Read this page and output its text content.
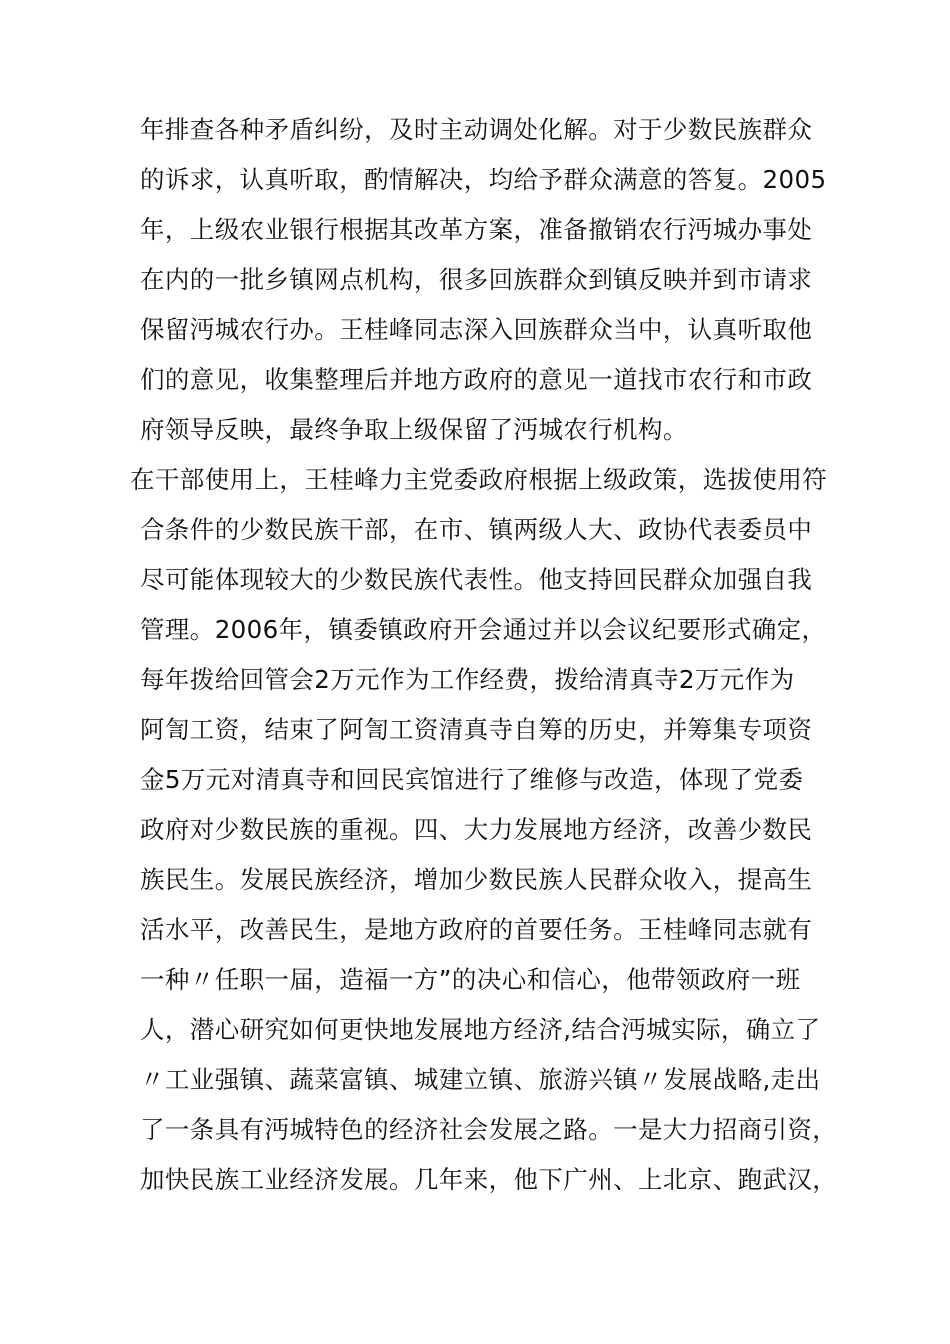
年排查各种矛盾纠纷，及时主动调处化解。对于少数民族群众
的诉求，认真听取，酌情解决，均给予群众满意的答复。2005
年，上级农业银行根据其改革方案，准备撤销农行沔城办事处
在内的一批乡镇网点机构，很多回族群众到镇反映并到市请求
保留沔城农行办。王桂峰同志深入回族群众当中，认真听取他
们的意见，收集整理后并地方政府的意见一道找市农行和市政
府领导反映，最终争取上级保留了沔城农行机构。
在干部使用上，王桂峰力主党委政府根据上级政策，选拔使用符
合条件的少数民族干部，在市、镇两级人大、政协代表委员中
尽可能体现较大的少数民族代表性。他支持回民群众加强自我
管理。2006年，镇委镇政府开会通过并以会议纪要形式确定，
每年拨给回管会2万元作为工作经费，拨给清真寺2万元作为
阿訇工资，结束了阿訇工资清真寺自筹的历史，并筹集专项资
金5万元对清真寺和回民宾馆进行了维修与改造，体现了党委
政府对少数民族的重视。四、大力发展地方经济，改善少数民
族民生。发展民族经济，增加少数民族人民群众收入，提高生
活水平，改善民生，是地方政府的首要任务。王桂峰同志就有
一种〃任职一届，造福一方”的决心和信心，他带领政府一班
人，潜心研究如何更快地发展地方经济,结合沔城实际，确立了
〃工业强镇、蔬菜富镇、城建立镇、旅游兴镇〃发展战略,走出
了一条具有沔城特色的经济社会发展之路。一是大力招商引资，
加快民族工业经济发展。几年来，他下广州、上北京、跑武汉，
